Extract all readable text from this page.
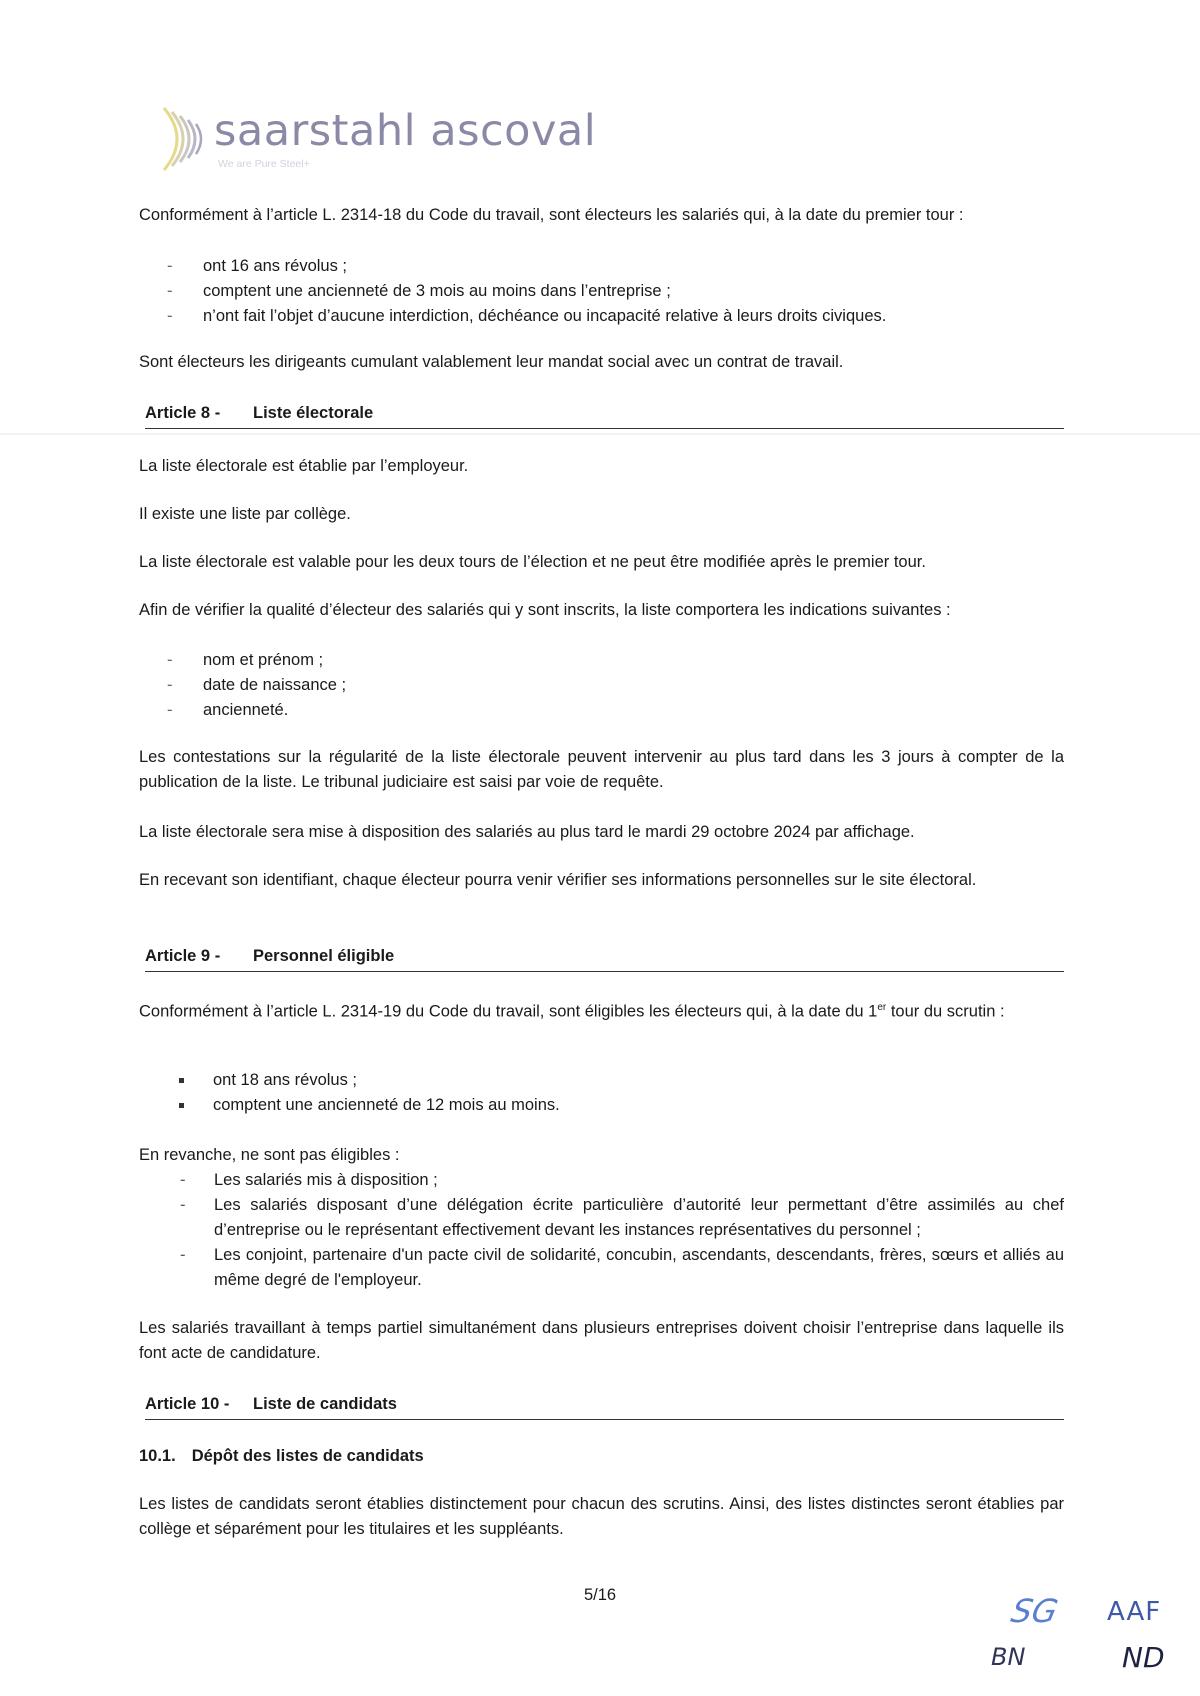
saarstahl ascoval
We are Pure Steel+

Conformément à l’article L. 2314-18 du Code du travail, sont électeurs les salariés qui, à la date du premier tour :

- ont 16 ans révolus ;
- comptent une ancienneté de 3 mois au moins dans l’entreprise ;
- n’ont fait l’objet d’aucune interdiction, déchéance ou incapacité relative à leurs droits civiques.

Sont électeurs les dirigeants cumulant valablement leur mandat social avec un contrat de travail.

Article 8 - Liste électorale

La liste électorale est établie par l’employeur.

Il existe une liste par collège.

La liste électorale est valable pour les deux tours de l’élection et ne peut être modifiée après le premier tour.

Afin de vérifier la qualité d’électeur des salariés qui y sont inscrits, la liste comportera les indications suivantes :

- nom et prénom ;
- date de naissance ;
- ancienneté.

Les contestations sur la régularité de la liste électorale peuvent intervenir au plus tard dans les 3 jours à compter de la publication de la liste. Le tribunal judiciaire est saisi par voie de requête.

La liste électorale sera mise à disposition des salariés au plus tard le mardi 29 octobre 2024 par affichage.

En recevant son identifiant, chaque électeur pourra venir vérifier ses informations personnelles sur le site électoral.

Article 9 - Personnel éligible

Conformément à l’article L. 2314-19 du Code du travail, sont éligibles les électeurs qui, à la date du 1er tour du scrutin :

ont 18 ans révolus ;
comptent une ancienneté de 12 mois au moins.

En revanche, ne sont pas éligibles :

- Les salariés mis à disposition ;
- Les salariés disposant d’une délégation écrite particulière d’autorité leur permettant d’être assimilés au chef d’entreprise ou le représentant effectivement devant les instances représentatives du personnel ;
- Les conjoint, partenaire d'un pacte civil de solidarité, concubin, ascendants, descendants, frères, sœurs et alliés au même degré de l'employeur.

Les salariés travaillant à temps partiel simultanément dans plusieurs entreprises doivent choisir l’entreprise dans laquelle ils font acte de candidature.

Article 10 - Liste de candidats
10.1. Dépôt des listes de candidats

Les listes de candidats seront établies distinctement pour chacun des scrutins. Ainsi, des listes distinctes seront établies par collège et séparément pour les titulaires et les suppléants.

5/16	SG AAF
BN	ND
